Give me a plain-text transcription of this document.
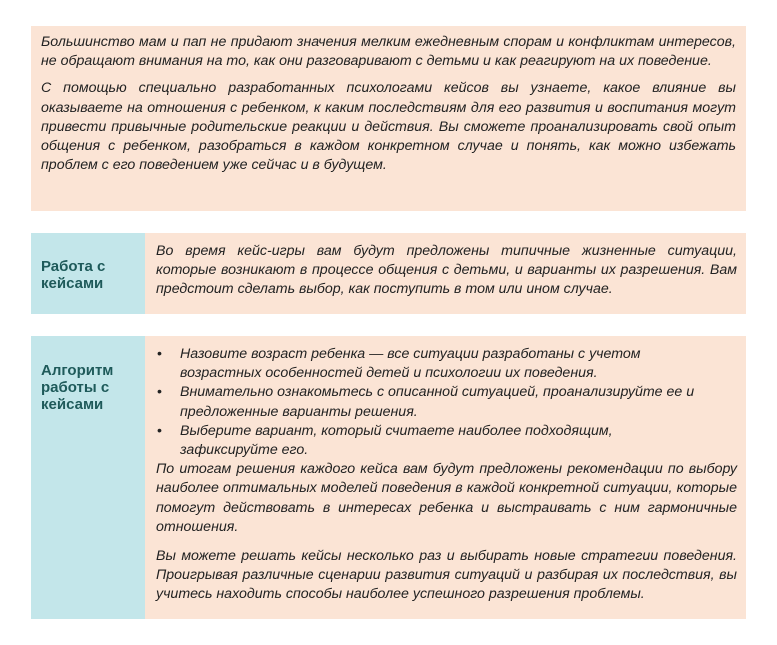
Большинство мам и пап не придают значения мелким ежедневным спорам и конфликтам интересов, не обращают внимания на то, как они разговаривают с детьми и как реагируют на их поведение.

С помощью специально разработанных психологами кейсов вы узнаете, какое влияние вы оказываете на отношения с ребенком, к каким последствиям для его развития и воспитания могут привести привычные родительские реакции и действия. Вы сможете проанализировать свой опыт общения с ребенком, разобраться в каждом конкретном случае и понять, как можно избежать проблем с его поведением уже сейчас и в будущем.

Работа с кейсами
Во время кейс-игры вам будут предложены типичные жизненные ситуации, которые возникают в процессе общения с детьми, и варианты их разрешения. Вам предстоит сделать выбор, как поступить в том или ином случае.
Алгоритм работы с кейсами
• Назовите возраст ребенка — все ситуации разработаны с учетом возрастных особенностей детей и психологии их поведения.
• Внимательно ознакомьтесь с описанной ситуацией, проанализируйте ее и предложенные варианты решения.
• Выберите вариант, который считаете наиболее подходящим, зафиксируйте его.

По итогам решения каждого кейса вам будут предложены рекомендации по выбору наиболее оптимальных моделей поведения в каждой конкретной ситуации, которые помогут действовать в интересах ребенка и выстраивать с ним гармоничные отношения.

Вы можете решать кейсы несколько раз и выбирать новые стратегии поведения. Проигрывая различные сценарии развития ситуаций и разбирая их последствия, вы учитесь находить способы наиболее успешного разрешения проблемы.
